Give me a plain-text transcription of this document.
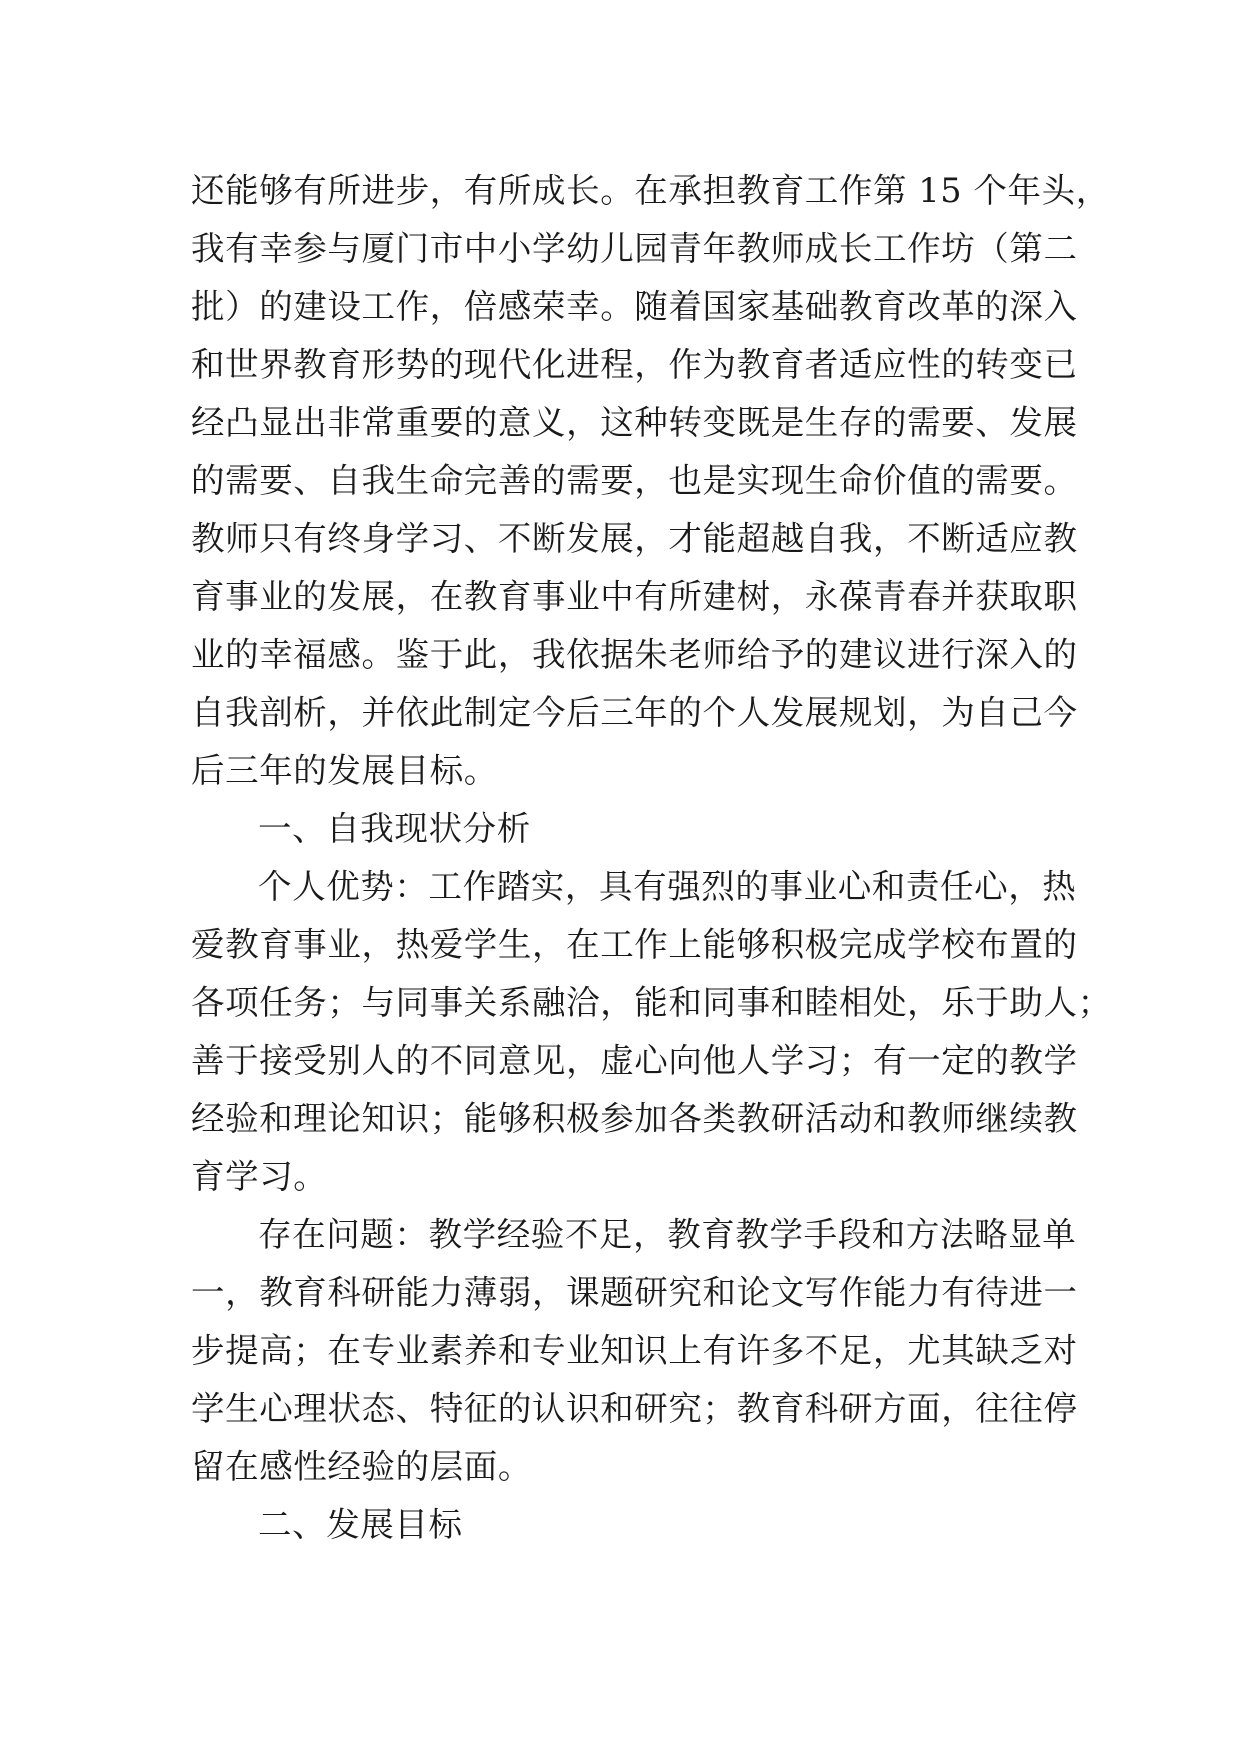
还能够有所进步，有所成长。在承担教育工作第 15 个年头，
我有幸参与厦门市中小学幼儿园青年教师成长工作坊（第二
批）的建设工作，倍感荣幸。随着国家基础教育改革的深入
和世界教育形势的现代化进程，作为教育者适应性的转变已
经凸显出非常重要的意义，这种转变既是生存的需要、发展
的需要、自我生命完善的需要，也是实现生命价值的需要。
教师只有终身学习、不断发展，才能超越自我，不断适应教
育事业的发展，在教育事业中有所建树，永葆青春并获取职
业的幸福感。鉴于此，我依据朱老师给予的建议进行深入的
自我剖析，并依此制定今后三年的个人发展规划，为自己今
后三年的发展目标。
一、自我现状分析
个人优势：工作踏实，具有强烈的事业心和责任心，热
爱教育事业，热爱学生，在工作上能够积极完成学校布置的
各项任务；与同事关系融洽，能和同事和睦相处，乐于助人；
善于接受别人的不同意见，虚心向他人学习；有一定的教学
经验和理论知识；能够积极参加各类教研活动和教师继续教
育学习。
存在问题：教学经验不足，教育教学手段和方法略显单
一，教育科研能力薄弱，课题研究和论文写作能力有待进一
步提高；在专业素养和专业知识上有许多不足，尤其缺乏对
学生心理状态、特征的认识和研究；教育科研方面，往往停
留在感性经验的层面。
二、发展目标
